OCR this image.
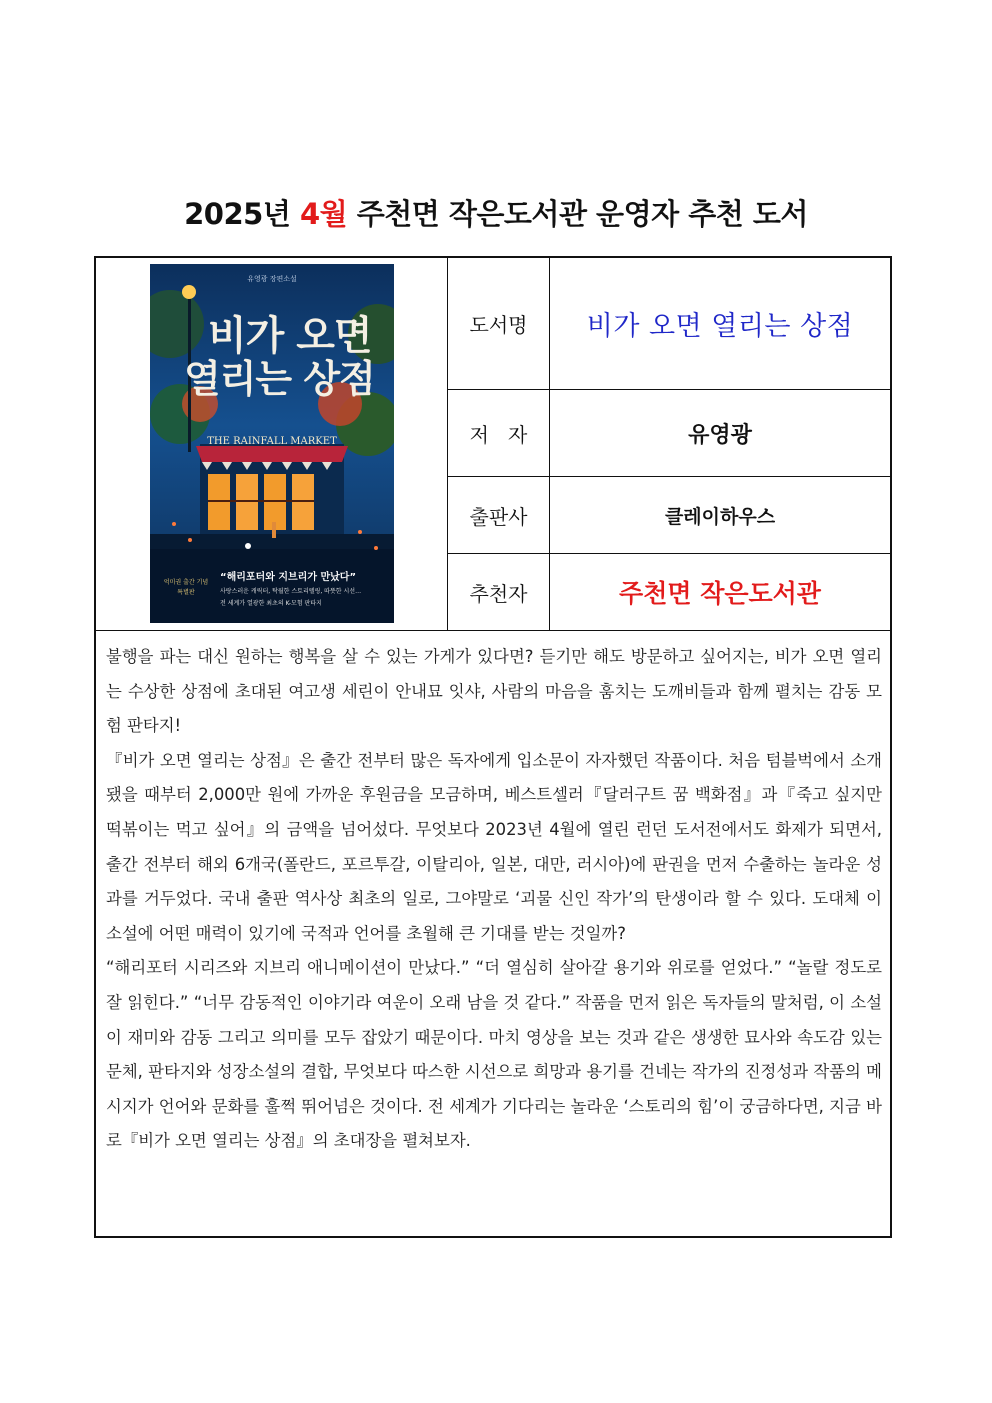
2025년 4월 주천면 작은도서관 운영자 추천 도서
유영광 장편소설
비가 오면
열리는 상점
THE RAINFALL MARKET
억미권 출간 기념 특별판
“해리포터와 지브리가 만났다”
사랑스러운 캐릭터, 탁월한 스토리텔링, 따뜻한 시선…
전 세계가 열광한 최초의 K-모험 판타지
도서명	비가 오면 열리는 상점
저   자	유영광
출판사	클레이하우스
추천자	주천면 작은도서관

불행을 파는 대신 원하는 행복을 살 수 있는 가게가 있다면? 듣기만 해도 방문하고 싶어지는, 비가 오면 열리는 수상한 상점에 초대된 여고생 세린이 안내묘 잇샤, 사람의 마음을 훔치는 도깨비들과 함께 펼치는 감동 모험 판타지!

『비가 오면 열리는 상점』은 출간 전부터 많은 독자에게 입소문이 자자했던 작품이다. 처음 텀블벅에서 소개됐을 때부터 2,000만 원에 가까운 후원금을 모금하며, 베스트셀러『달러구트 꿈 백화점』과『죽고 싶지만 떡볶이는 먹고 싶어』의 금액을 넘어섰다. 무엇보다 2023년 4월에 열린 런던 도서전에서도 화제가 되면서, 출간 전부터 해외 6개국(폴란드, 포르투갈, 이탈리아, 일본, 대만, 러시아)에 판권을 먼저 수출하는 놀라운 성과를 거두었다. 국내 출판 역사상 최초의 일로, 그야말로 ‘괴물 신인 작가’의 탄생이라 할 수 있다. 도대체 이 소설에 어떤 매력이 있기에 국적과 언어를 초월해 큰 기대를 받는 것일까?

“해리포터 시리즈와 지브리 애니메이션이 만났다.” “더 열심히 살아갈 용기와 위로를 얻었다.” “놀랄 정도로 잘 읽힌다.” “너무 감동적인 이야기라 여운이 오래 남을 것 같다.” 작품을 먼저 읽은 독자들의 말처럼, 이 소설이 재미와 감동 그리고 의미를 모두 잡았기 때문이다. 마치 영상을 보는 것과 같은 생생한 묘사와 속도감 있는 문체, 판타지와 성장소설의 결합, 무엇보다 따스한 시선으로 희망과 용기를 건네는 작가의 진정성과 작품의 메시지가 언어와 문화를 훌쩍 뛰어넘은 것이다. 전 세계가 기다리는 놀라운 ‘스토리의 힘’이 궁금하다면, 지금 바로『비가 오면 열리는 상점』의 초대장을 펼쳐보자.
